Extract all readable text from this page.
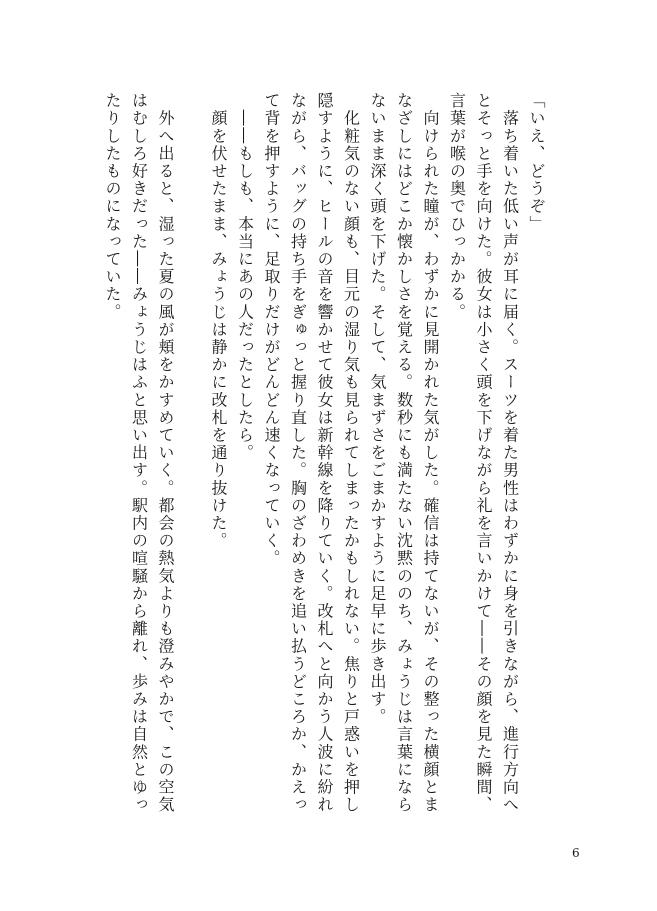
「いえ、どうぞ」

　落ち着いた低い声が耳に届く。スーツを着た男性はわずかに身を引きながら、進行方向へ

とそっと手を向けた。彼女は小さく頭を下げながら礼を言いかけて――その顔を見た瞬間、

言葉が喉の奥でひっかかる。

　向けられた瞳が、わずかに見開かれた気がした。確信は持てないが、その整った横顔とま

なざしにはどこか懐かしさを覚える。数秒にも満たない沈黙ののち、みょうじは言葉になら

ないまま深く頭を下げた。そして、気まずさをごまかすように足早に歩き出す。

　化粧気のない顔も、目元の湿り気も見られてしまったかもしれない。焦りと戸惑いを押し

隠すように、ヒールの音を響かせて彼女は新幹線を降りていく。改札へと向かう人波に紛れ

ながら、バッグの持ち手をぎゅっと握り直した。胸のざわめきを追い払うどころか、かえっ

て背を押すように、足取りだけがどんどん速くなっていく。

　――もしも、本当にあの人だったとしたら。

　顔を伏せたまま、みょうじは静かに改札を通り抜けた。

　外へ出ると、湿った夏の風が頬をかすめていく。都会の熱気よりも澄みやかで、この空気

はむしろ好きだった――みょうじはふと思い出す。駅内の喧騒から離れ、歩みは自然とゆっ

たりしたものになっていた。

6
